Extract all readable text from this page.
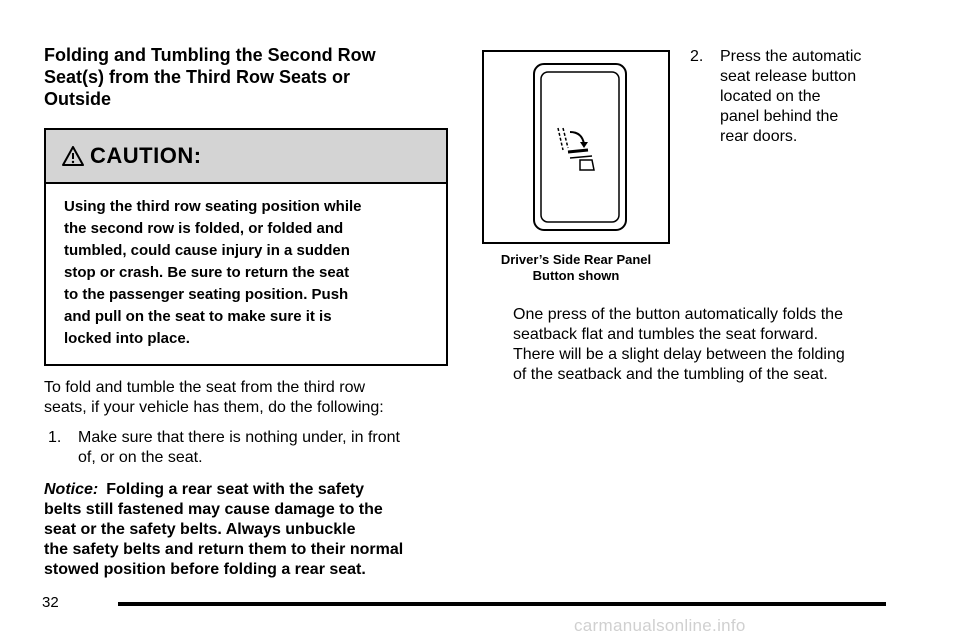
Folding and Tumbling the Second Row
Seat(s) from the Third Row Seats or
Outside
CAUTION:
Using the third row seating position while
the second row is folded, or folded and
tumbled, could cause injury in a sudden
stop or crash. Be sure to return the seat
to the passenger seating position. Push
and pull on the seat to make sure it is
locked into place.

To fold and tumble the seat from the third row
seats, if your vehicle has them, do the following:

1.	Make sure that there is nothing under, in front
of, or on the seat.
Notice: Folding a rear seat with the safety
belts still fastened may cause damage to the
seat or the safety belts. Always unbuckle
the safety belts and return them to their normal
stowed position before folding a rear seat.
Driver’s Side Rear Panel
Button shown
2.	Press the automatic
seat release button
located on the
panel behind the
rear doors.
One press of the button automatically folds the
seatback flat and tumbles the seat forward.
There will be a slight delay between the folding
of the seatback and the tumbling of the seat.
32
carmanualsonline.info
